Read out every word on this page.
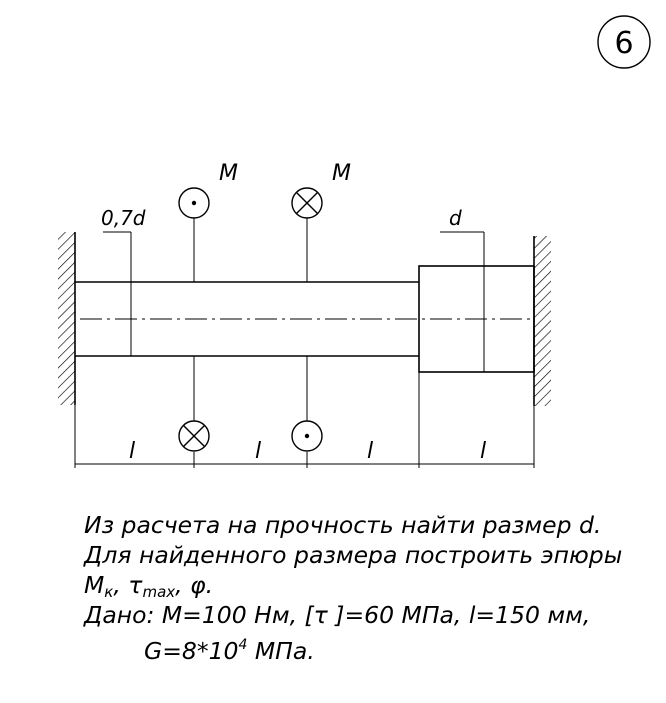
6
0,7d	d
M	M
l	l	l	l
Из расчета на прочность найти размер d.
Для найденного размера построить эпюры
$M_к$, $\tau_{max}$, φ.
Дано: M=100 Нм, [τ ]=60 МПа, l=150 мм,
$G=8*10^4$ МПа.
